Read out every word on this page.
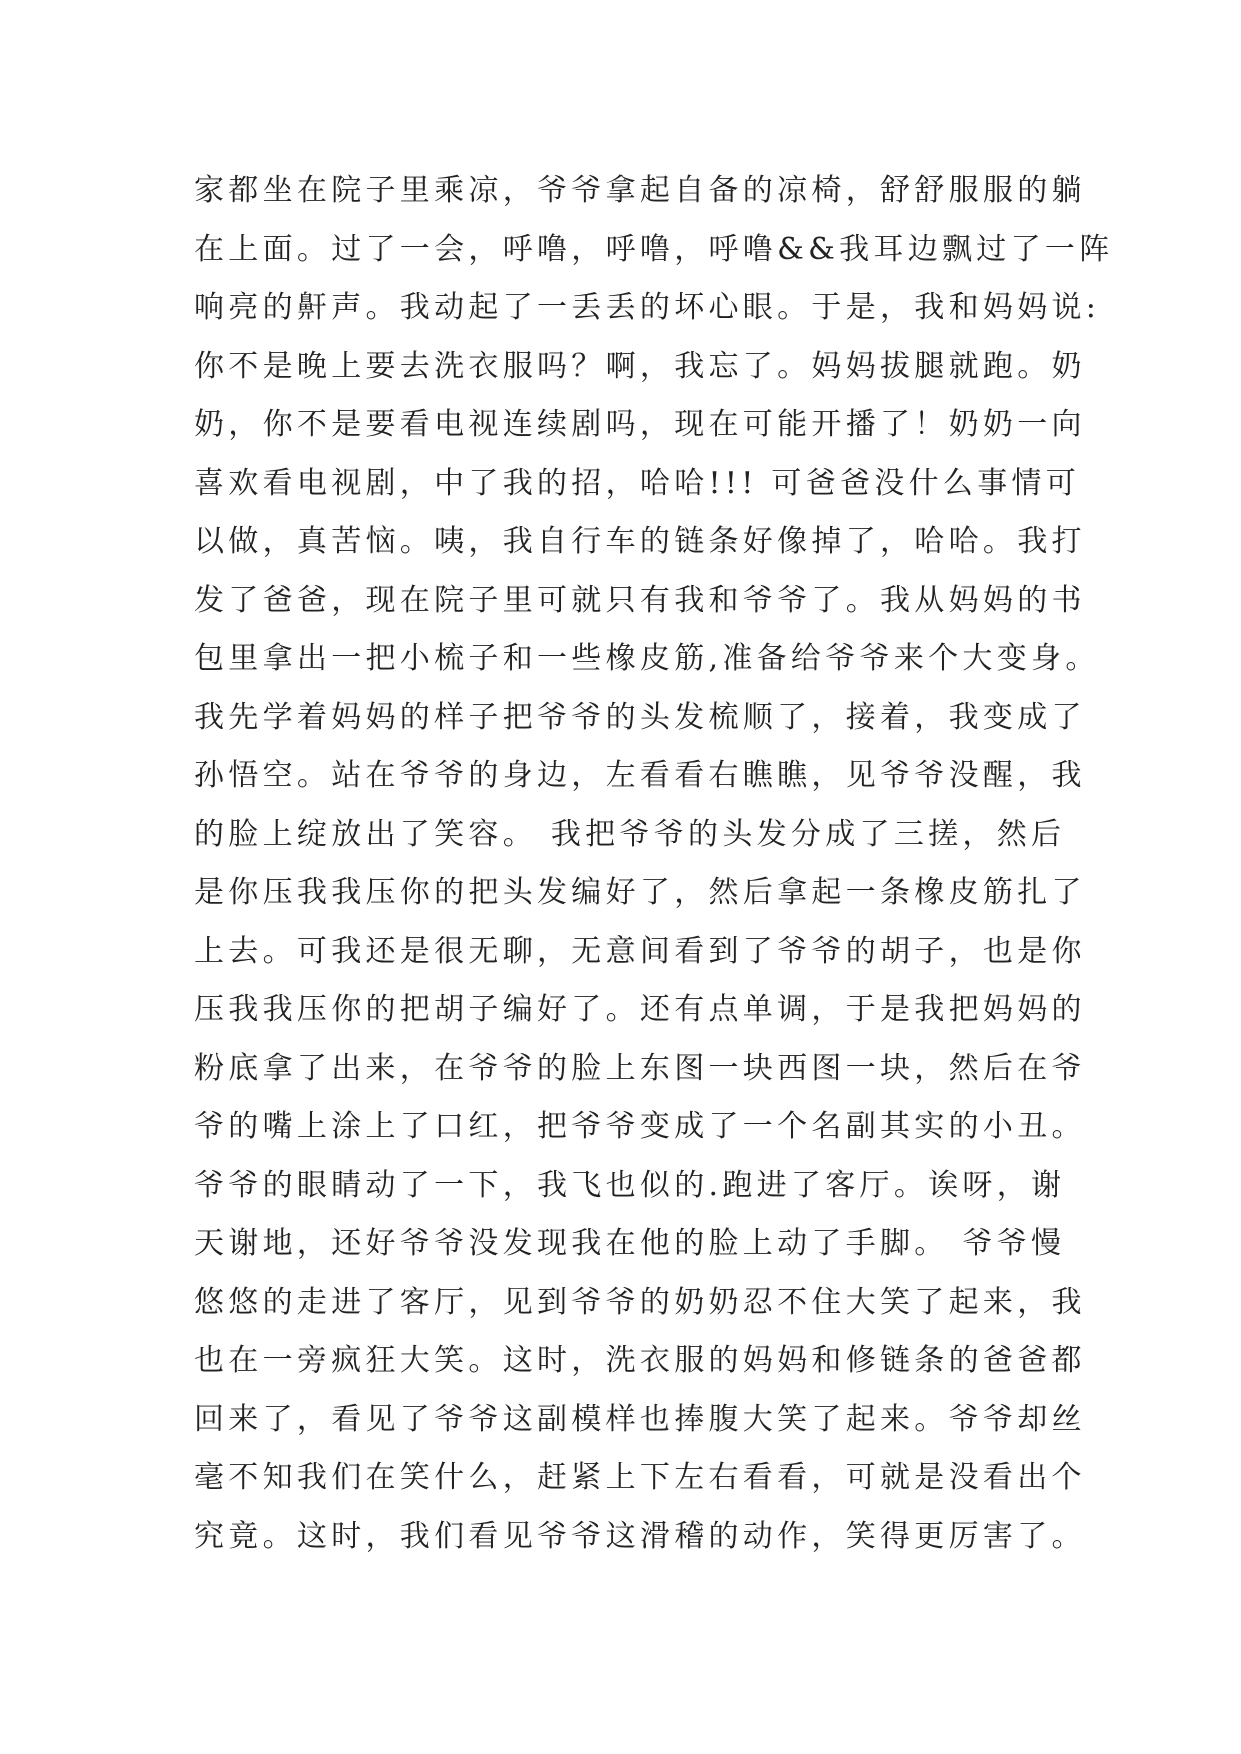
家都坐在院子里乘凉，爷爷拿起自备的凉椅，舒舒服服的躺
在上面。过了一会，呼噜，呼噜，呼噜&&我耳边飘过了一阵
响亮的鼾声。我动起了一丢丢的坏心眼。于是，我和妈妈说:
你不是晚上要去洗衣服吗？啊，我忘了。妈妈拔腿就跑。奶
奶，你不是要看电视连续剧吗，现在可能开播了！奶奶一向
喜欢看电视剧，中了我的招，哈哈!!! 可爸爸没什么事情可
以做，真苦恼。咦，我自行车的链条好像掉了，哈哈。我打
发了爸爸，现在院子里可就只有我和爷爷了。我从妈妈的书
包里拿出一把小梳子和一些橡皮筋,准备给爷爷来个大变身。
我先学着妈妈的样子把爷爷的头发梳顺了，接着，我变成了
孙悟空。站在爷爷的身边，左看看右瞧瞧，见爷爷没醒，我
的脸上绽放出了笑容。 我把爷爷的头发分成了三搓，然后
是你压我我压你的把头发编好了，然后拿起一条橡皮筋扎了
上去。可我还是很无聊，无意间看到了爷爷的胡子，也是你
压我我压你的把胡子编好了。还有点单调，于是我把妈妈的
粉底拿了出来，在爷爷的脸上东图一块西图一块，然后在爷
爷的嘴上涂上了口红，把爷爷变成了一个名副其实的小丑。
爷爷的眼睛动了一下，我飞也似的.跑进了客厅。诶呀，谢
天谢地，还好爷爷没发现我在他的脸上动了手脚。 爷爷慢
悠悠的走进了客厅，见到爷爷的奶奶忍不住大笑了起来，我
也在一旁疯狂大笑。这时，洗衣服的妈妈和修链条的爸爸都
回来了，看见了爷爷这副模样也捧腹大笑了起来。爷爷却丝
毫不知我们在笑什么，赶紧上下左右看看，可就是没看出个
究竟。这时，我们看见爷爷这滑稽的动作，笑得更厉害了。
